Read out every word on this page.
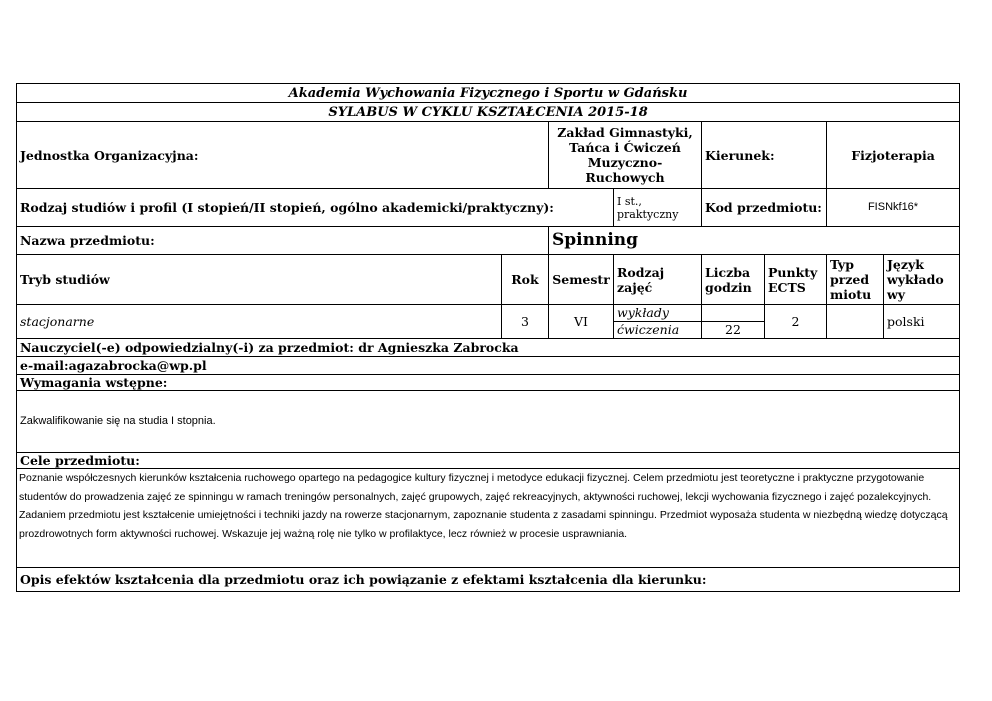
Akademia Wychowania Fizycznego i Sportu w Gdańsku							
SYLABUS W CYKLU KSZTAŁCENIA 2015-18							
Jednostka Organizacyjna:		Zakład Gimnastyki, Tańca i Ćwiczeń Muzyczno-Ruchowych		Kierunek:		Fizjoterapia	
Rodzaj studiów i profil (I stopień/II stopień, ogólno akademicki/praktyczny):			I st., praktyczny	Kod przedmiotu:		FISNkf16*	
Nazwa przedmiotu:		Spinning					
Tryb studiów	Rok	Semestr	Rodzaj zajęć	Liczba godzin	Punkty ECTS	Typ przed miotu	Język wykłado wy
stacjonarne	3	VI	wykłady
ćwiczenia	22	2		polski
Nauczyciel(-e) odpowiedzialny(-i) za przedmiot: dr Agnieszka Zabrocka							
e-mail:agazabrocka@wp.pl							
Wymagania wstępne:							
Zakwalifikowanie się na studia I stopnia.							
Cele przedmiotu:							
Poznanie współczesnych kierunków kształcenia ruchowego opartego na pedagogice kultury fizycznej i metodyce edukacji fizycznej. Celem przedmiotu jest teoretyczne i praktyczne przygotowanie studentów do prowadzenia zajęć ze spinningu w ramach treningów personalnych, zajęć grupowych, zajęć rekreacyjnych, aktywności ruchowej, lekcji wychowania fizycznego i zajęć pozalekcyjnych. Zadaniem przedmiotu jest kształcenie umiejętności i techniki jazdy na rowerze stacjonarnym, zapoznanie studenta z zasadami spinningu. Przedmiot wyposaża studenta w niezbędną wiedzę dotyczącą prozdrowotnych form aktywności ruchowej. Wskazuje jej ważną rolę nie tylko w profilaktyce, lecz również w procesie usprawniania.							
Opis efektów kształcenia dla przedmiotu oraz ich powiązanie z efektami kształcenia dla kierunku:							
